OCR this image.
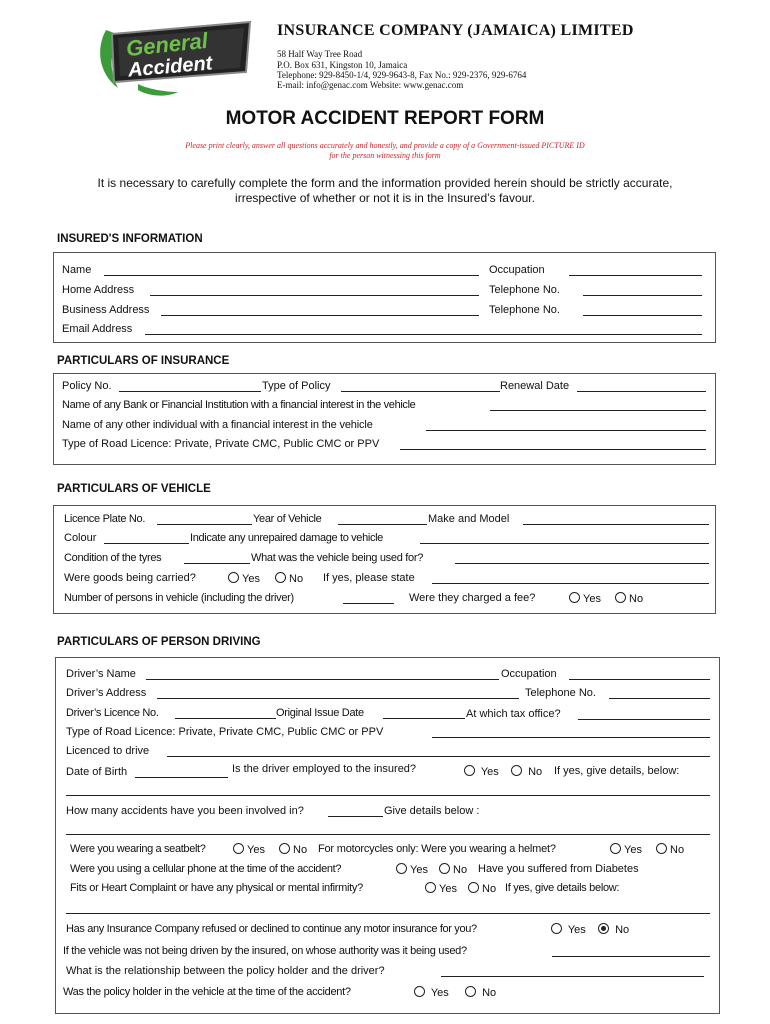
General
Accident
INSURANCE COMPANY (JAMAICA) LIMITED
58 Half Way Tree Road
P.O. Box 631, Kingston 10, Jamaica
Telephone: 929-8450-1/4, 929-9643-8, Fax No.: 929-2376, 929-6764
E-mail: info@genac.com Website: www.genac.com
MOTOR ACCIDENT REPORT FORM
Please print clearly, answer all questions accurately and honestly, and provide a copy of a Government-issued PICTURE ID
for the person witnessing this form
It is necessary to carefully complete the form and the information provided herein should be strictly accurate,
irrespective of whether or not it is in the Insured’s favour.
INSURED'S INFORMATION
Name	Occupation
Home Address	Telephone No.
Business Address	Telephone No.
Email Address
PARTICULARS OF INSURANCE
Policy No.	Type of Policy	Renewal Date
Name of any Bank or Financial Institution with a financial interest in the vehicle
Name of any other individual with a financial interest in the vehicle
Type of Road Licence: Private, Private CMC, Public CMC or PPV
PARTICULARS OF VEHICLE
Licence Plate No.	Year of Vehicle	Make and Model
Colour	Indicate any unrepaired damage to vehicle
Condition of the tyres	What was the vehicle being used for?
Were goods being carried?	Yes	No If yes, please state
Number of persons in vehicle (including the driver)	Were they charged a fee?	Yes	No
PARTICULARS OF PERSON DRIVING
Driver’s Name	Occupation
Driver’s Address	Telephone No.
Driver’s Licence No.	Original Issue Date	At which tax office?
Type of Road Licence: Private, Private CMC, Public CMC or PPV
Licenced to drive
Date of Birth	Is the driver employed to the insured?	Yes	No If yes, give details, below:
How many accidents have you been involved in?	Give details below :
Were you wearing a seatbelt?	Yes	No For motorcycles only: Were you wearing a helmet?	Yes	No
Were you using a cellular phone at the time of the accident?	Yes	No Have you suffered from Diabetes
Fits or Heart Complaint or have any physical or mental infirmity?	Yes	No If yes, give details below:
Has any Insurance Company refused or declined to continue any motor insurance for you?	Yes	No
If the vehicle was not being driven by the insured, on whose authority was it being used?
What is the relationship between the policy holder and the driver?
Was the policy holder in the vehicle at the time of the accident?	Yes	No
